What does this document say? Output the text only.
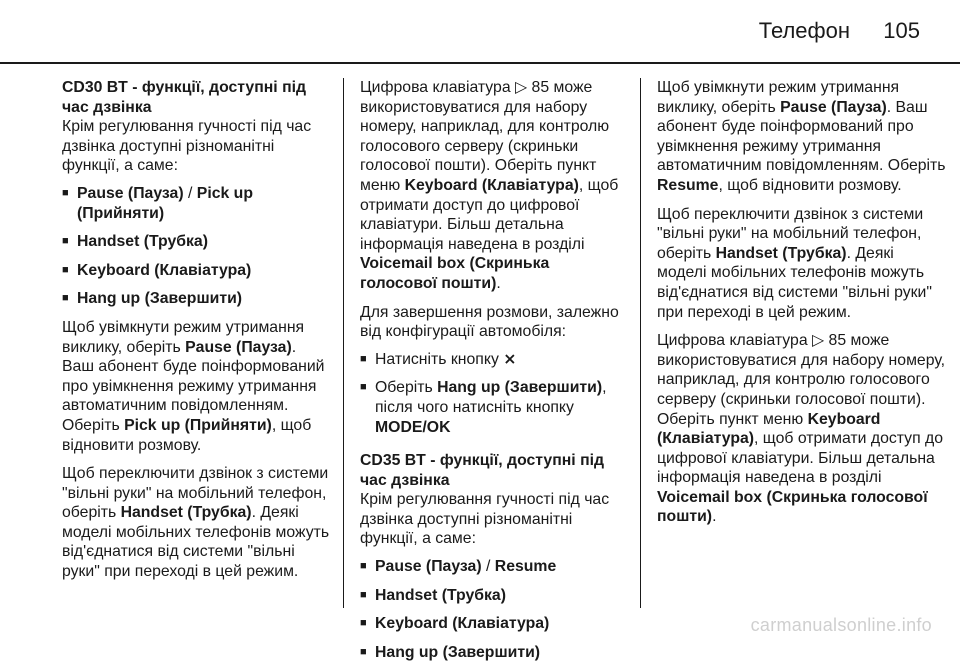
Телефон 105
CD30 BT - функції, доступні під час дзвінка

Крім регулювання гучності під час дзвінка доступні різноманітні функції, а саме:

■ Pause (Пауза) / Pick up (Прийняти)
■ Handset (Трубка)
■ Keyboard (Клавіатура)
■ Hang up (Завершити)

Щоб увімкнути режим утримання виклику, оберіть Pause (Пауза). Ваш абонент буде поінформований про увімкнення режиму утримання автоматичним повідомленням. Оберіть Pick up (Прийняти), щоб відновити розмову.

Щоб переключити дзвінок з системи "вільні руки" на мобільний телефон, оберіть Handset (Трубка). Деякі моделі мобільних телефонів можуть від'єднатися від системи "вільні руки" при переході в цей режим.

Цифрова клавіатура ▷ 85 може використовуватися для набору номеру, наприклад, для контролю голосового серверу (скриньки голосової пошти). Оберіть пункт меню Keyboard (Клавіатура), щоб отримати доступ до цифрової клавіатури. Більш детальна інформація наведена в розділі Voicemail box (Скринька голосової пошти).

Для завершення розмови, залежно від конфігурації автомобіля:

■ Натисніть кнопку ⨯
■ Оберіть Hang up (Завершити), після чого натисніть кнопку MODE/OK
CD35 BT - функції, доступні під час дзвінка

Крім регулювання гучності під час дзвінка доступні різноманітні функції, а саме:

■ Pause (Пауза) / Resume
■ Handset (Трубка)
■ Keyboard (Клавіатура)
■ Hang up (Завершити)

Щоб увімкнути режим утримання виклику, оберіть Pause (Пауза). Ваш абонент буде поінформований про увімкнення режиму утримання автоматичним повідомленням. Оберіть Resume, щоб відновити розмову.

Щоб переключити дзвінок з системи "вільні руки" на мобільний телефон, оберіть Handset (Трубка). Деякі моделі мобільних телефонів можуть від'єднатися від системи "вільні руки" при переході в цей режим.

Цифрова клавіатура ▷ 85 може використовуватися для набору номеру, наприклад, для контролю голосового серверу (скриньки голосової пошти). Оберіть пункт меню Keyboard (Клавіатура), щоб отримати доступ до цифрової клавіатури. Більш детальна інформація наведена в розділі Voicemail box (Скринька голосової пошти).

carmanualsonline.info
